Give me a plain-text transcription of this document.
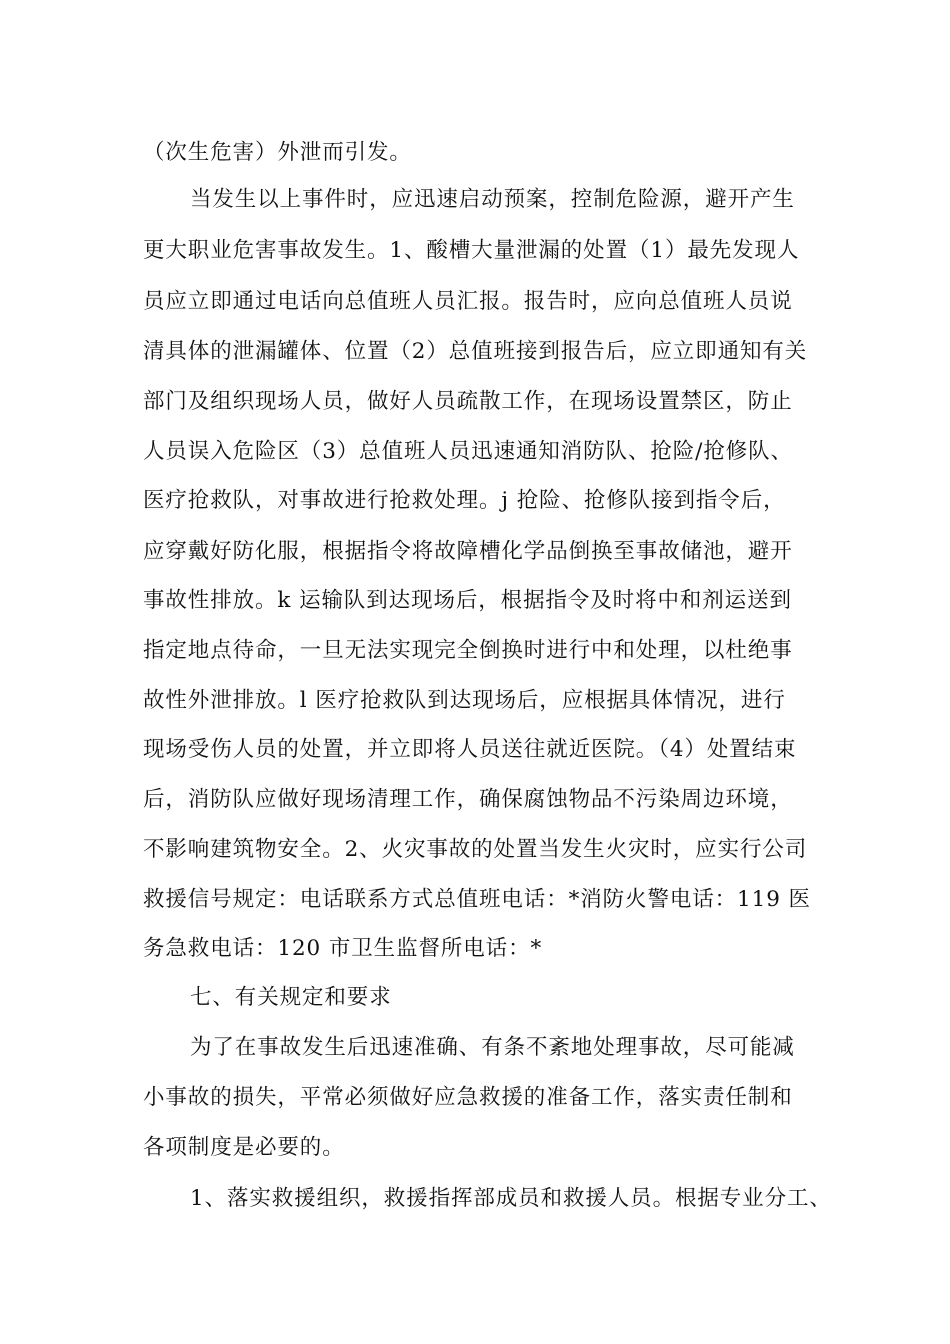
（次生危害）外泄而引发。
当发生以上事件时，应迅速启动预案，控制危险源，避开产生
更大职业危害事故发生。1、酸槽大量泄漏的处置（1）最先发现人
员应立即通过电话向总值班人员汇报。报告时，应向总值班人员说
清具体的泄漏罐体、位置（2）总值班接到报告后，应立即通知有关
部门及组织现场人员，做好人员疏散工作，在现场设置禁区，防止
人员误入危险区（3）总值班人员迅速通知消防队、抢险/抢修队、
医疗抢救队，对事故进行抢救处理。j 抢险、抢修队接到指令后，
应穿戴好防化服，根据指令将故障槽化学品倒换至事故储池，避开
事故性排放。k 运输队到达现场后，根据指令及时将中和剂运送到
指定地点待命，一旦无法实现完全倒换时进行中和处理，以杜绝事
故性外泄排放。l 医疗抢救队到达现场后，应根据具体情况，进行
现场受伤人员的处置，并立即将人员送往就近医院。（4）处置结束
后，消防队应做好现场清理工作，确保腐蚀物品不污染周边环境，
不影响建筑物安全。2、火灾事故的处置当发生火灾时，应实行公司
救援信号规定：电话联系方式总值班电话：*消防火警电话：119 医
务急救电话：120 市卫生监督所电话：*
七、有关规定和要求
为了在事故发生后迅速准确、有条不紊地处理事故，尽可能减
小事故的损失，平常必须做好应急救援的准备工作，落实责任制和
各项制度是必要的。
1、落实救援组织，救援指挥部成员和救援人员。根据专业分工、
